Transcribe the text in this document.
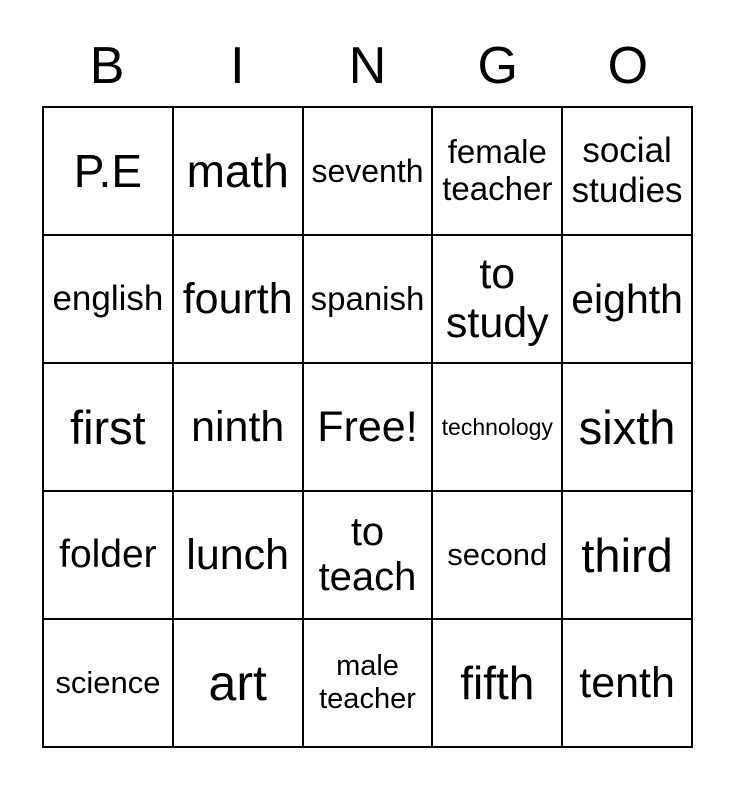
B I N G O
P.E	math	seventh	female teacher	social studies
english	fourth	spanish	to study	eighth
first	ninth	Free!	technology	sixth
folder	lunch	to teach	second	third
science	art	male teacher	fifth	tenth
